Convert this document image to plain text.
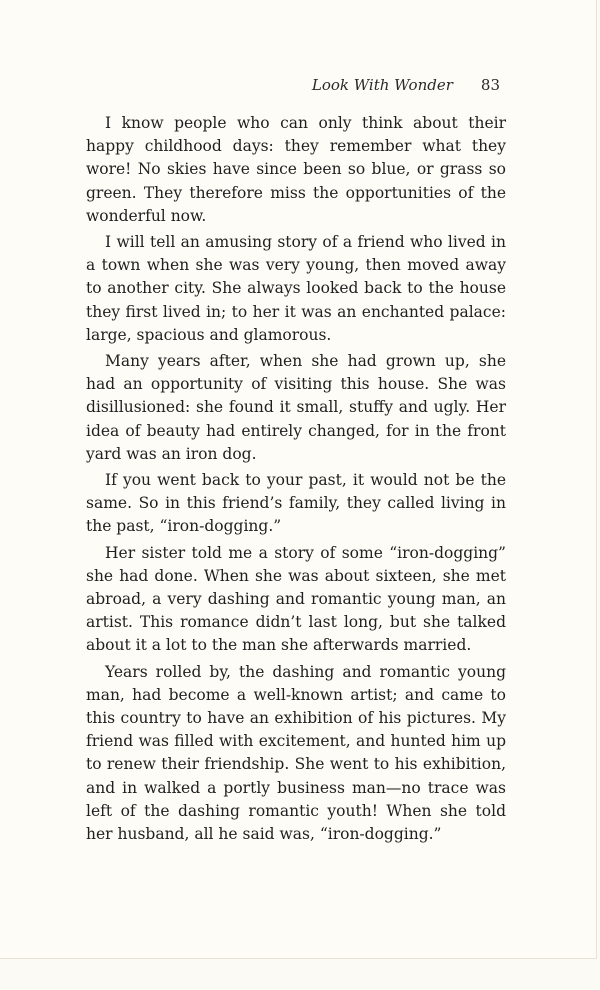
Look With Wonder 83

I know people who can only think about their happy childhood days: they remember what they wore! No skies have since been so blue, or grass so green. They therefore miss the opportunities of the wonderful now.

I will tell an amusing story of a friend who lived in a town when she was very young, then moved away to another city. She always looked back to the house they first lived in; to her it was an enchanted palace: large, spacious and glamorous.

Many years after, when she had grown up, she had an opportunity of visiting this house. She was disillusioned: she found it small, stuffy and ugly. Her idea of beauty had entirely changed, for in the front yard was an iron dog.

If you went back to your past, it would not be the same. So in this friend’s family, they called living in the past, “iron-dogging.”

Her sister told me a story of some “iron-dogging” she had done. When she was about sixteen, she met abroad, a very dashing and romantic young man, an artist. This romance didn’t last long, but she talked about it a lot to the man she afterwards married.

Years rolled by, the dashing and romantic young man, had become a well-known artist; and came to this country to have an exhibition of his pictures. My friend was filled with excitement, and hunted him up to renew their friendship. She went to his exhibition, and in walked a portly business man—no trace was left of the dashing romantic youth! When she told her husband, all he said was, “iron-dogging.”
